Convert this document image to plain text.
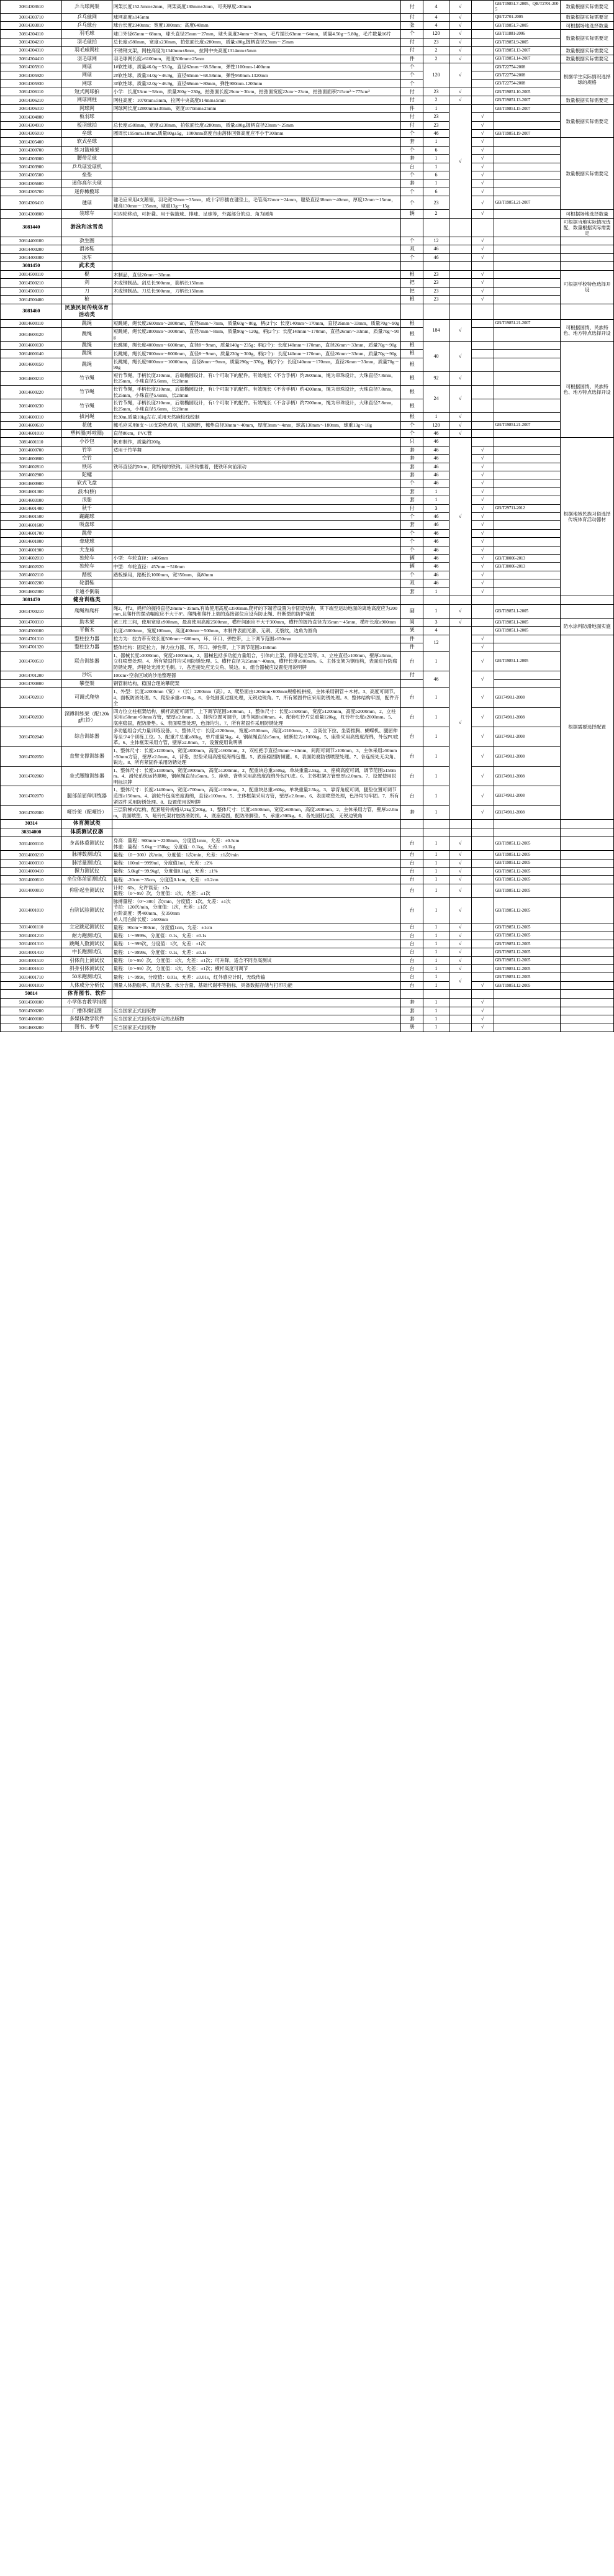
30814303610	乒乓球网架	网架长度152.5mm±2mm，网架高度130mm±2mm，可夹厚度≥30mm	付	4	√		GB/T19851.7-2005、QB/T2701-2005	数量根据实际需要定
30814303710	乒乓球网	球网高度≥145mm	付	4	√		QB/T2701-2005	数量根据实际需要定
30814303810	乒乓球台	球台长度2340mm；宽度1300mm；高度640mm	张	4	√		GB/T19851.7-2005	可根据场地选择数量
30814304110	羽毛球	球口外径65mm～68mm，球头直径25mm～27mm，球头高度24mm～26mm，毛片插长63mm～64mm，质量4.50g～5.80g，毛片数量16片	个	120	√		GB/T11881-2006	数量根据实际需要定
30814304210	羽毛球拍	总长度≤580mm，宽度≤230mm，拍弦面长度≤280mm，质量≤80g,握柄直径23mm～25mm	付	23	√		GB/T19851.9-2005	
30814304310	羽毛球网柱	不锈钢支架，网柱高度为1340mm±8mm，拉网中央高度1314mm±5mm	付	2	√		GB/T19851.13-2007	数量根据实际需要定
30814304410	羽毛球网	羽毛球网长度≥6100mm，宽度500mm±25mm	件	2	√		GB/T19851.14-2007	数量根据实际需要定
30814305910	网球	1#软性球，质量46.0g～53.0g，直径62mm～68.58mm，弹性1100mm-1400mm	个	120	√		GB/T22754-2008	根据学生实际情况选择球的规格
30814305920	网球	2#软性球，质量34.0g～46.9g，直径60mm～68.58mm，弹性950mm-1320mm	个				GB/T22754-2008	
30814305930	网球	3#软性球，质量32.0g～46.9g，直径68mm～80mm，弹性900mm-1200mm	个				GB/T22754-2008	
30814306110	短式网球拍	小学：长度53cm～58cm，质量200g～230g，拍弦面长度29cm～30cm，拍弦面宽度22cm～23cm，拍弦面面积715cm²～775cm²	付	23	√		GB/T19851.10-2005	
30814306210	网球网柱	网柱高度：1070mm±5mm，拉网中央高度914mm±5mm	付	2	√		GB/T19851.13-2007	数量根据实际需要定
30814306310	网球网	网球网长度12800mm±30mm，宽度1070mm±25mm	件	1	√		GB/T19851.15-2007	数量根据实际需要定
30814304800	板羽球		付	23		√		
30814304910	板羽球拍	总长度≤580mm，宽度≤230mm，拍弦面长度≤280mm，质量≤80g,握柄直径23mm～25mm	付	23		√		
30814305010	垒球	圆周长195mm±10mm,质量80g±5g，1000mm高度自由落体回弹高度应不小于300mm	个	46		√	GB/T19851.19-2007	
30814305400	软式垒球		套	1		√		数量根据实际需要定
30814300700	练习篮球架		个	6		√		
30814303000	腰带足球		套	1		√		
30814303900	乒乓球发球机		台	1		√		
30814305500	垒垫		个	6		√		
30814305600	迷你高尔夫球		套	1		√		
30814305700	迷你橄榄球		个	6		√		
30814306410	毽球	毽毛应采用4支鹅翎，羽毛宽32mm～35mm，成十字形插在毽垫上，毛管高22mm～24mm，毽垫直径38mm～40mm，厚度12mm～15mm，球高130mm～135mm，球重13g～15g	个	23		√	GB/T19851.21-2007	
30814300800	装球车	可四轮移动，可折叠。用于装篮球、排球、足球等，外露部分的边、角为圆角	辆	2		√		可根据场地选择数量
3081440	游泳和冰雪类							可根据当地实际情况选配，数量根据实际需要定
30814400100	救生圈		个	12		√		
30814400200	滑冰鞋		双	46		√		
30814400300	冰车		个	46		√		
3081450	武术类							
30814500110	棍	木制品，直径20mm～30mm	根	23		√		可根据学校特色选择开设
30814500210	剑	木或钢制品。剑总长900mm，箭柄长150mm	把	23		√		
30814500310	刀	木或钢制品。刀总长900mm，刀柄长150mm	把	23		√		
30814500400	枪		根	23		√		
3081460	民族民间传统体育活动类							
30814600110	跳绳	短跳绳，绳长度2600mm～2800mm，直径6mm～7mm，质量60g～80g，柄(2个)：长度140mm～170mm，直径26mm～33mm，质量70g～90g	根	184	√		GB/T19851.21-2007	可根据国情、民族特色、地方特点选择开设
30814600120	跳绳	短跳绳，绳长度2800mm～3000mm，直径7mm～8mm，质量90g～120g，柄(2个)：长度140mm～170mm，直径26mm～33mm，质量70g～90g	根					
30814600130	跳绳	长跳绳，绳长度4000mm～6000mm，直径8～9mm，质量140g～235g；柄(2个)：长度140mm～170mm，直径26mm～33mm，质量70g～90g	根	40	√			可根据国情、民族特色、地方特点选择开设
30814600140	跳绳	长跳绳，绳长度7000mm～8000mm，直径8～9mm，质量230g～300g，柄(2个)：长度140mm～170mm，直径26mm～33mm，质量70g～90g	根					
30814600150	跳绳	长跳绳，绳长度9000mm～10000mm，直径8mm～9mm，质量290g～370g，柄(2个)：长度140mm～170mm，直径26mm～33mm，质量70g～90g	根					
30814600210	竹节绳	短竹节绳，手柄长度210mm，后端椭圆设计，有1个可取下的配件。有效绳长（不含手柄）约2600mm，绳为串珠设计，大珠直径7.8mm，长25mm，小珠直径5.6mm，长20mm	根	92	√			
30814600220	竹节绳	长竹节绳，手柄长度210mm，后端椭圆设计，有1个可取下的配件。有效绳长（不含手柄）约4200mm，绳为串珠设计，大珠直径7.8mm，长25mm，小珠直径5.6mm，长20mm	根	24	√			
30814600230	竹节绳	长竹节绳，手柄长度210mm，后端椭圆设计，有1个可取下的配件。有效绳长（不含手柄）约7200mm，绳为串珠设计，大珠直径7.8mm，长25mm，小珠直径5.6mm，长20mm	根					
30814600310	拔河绳	长30m,质量10kg左右,采用天然麻棕线绞制	根	1	√			
30814600610	花毽	毽毛应采用8支～10支彩色鸡羽，扎成圆形，毽垫直径38mm～40mm，厚度3mm～4mm，球高130mm～180mm，球重13g～18g	个	120	√		GB/T19851.21-2007	
30814601010	塑料圈(呼啦圈)	直径80cm，PVC管	个	46	√			
30814601110	小沙包	帆布制作，质量约200g	只	46	√			根据地域民族习俗选择传统体育活动器材
30814600700	竹竿	适用于竹竿舞	套	46		√		
30814600800	空竹		套	46		√		
30814602810	铁环	铁环直径约50cm，附特制的铁钩。用铁钩推着，使铁环向前滚动	套	46		√		
30814602900	陀螺		套	46		√		
30814600900	软式飞盘		个	46		√		
30814601300	浪木(桥)		套	1		√		
30814603100	浪船		套	1		√		
30814601400	秋千		付	3		√	GB/T29711-2012	
30814601500	蹦蹦球		个	46		√		
30814601600	吸盘球		套	46		√		
30814601700	跳带		个	46		√		
30814601800	牵珑球		个	46		√		
30814601900	大龙球		个	46		√		
30814602010	独轮车	小型：车轮直径：≤406mm	辆	46		√	GB/T30006-2013	
30814602020	独轮车	中型：车轮直径：457mm～510mm	辆	46		√	GB/T30006-2013	
30814602110	踏板	踏板操用，踏板长1000mm，宽350mm，高80mm	个	46		√		
30814602200	轮滑鞋		双	46		√		
30814602300	卡通不倒翁		套	1		√		
3081470	健身训练类							
30814700210	爬绳和爬杆	绳2，杆2，绳杆的握持直径28mm～35mm,有效使用高度≤3500mm,爬杆的下端若设置为非固定结构，其下端至运动地面的离地高度应为200mm,且爬杆的摆动幅度应不大于8°。爬绳和爬杆上端的连接部位应设有防止绳、杆断裂的防护装置	副	1	√		GB/T19851.1-2005	
30814700310	助木架	宽三柱三间，使用宽度≥900mm，最高使用高度2500mm，横杆间距应不大于300mm，横杆的握持直径为35mm～45mm，横杆长度≥900mm	间	3	√		GB/T19851.1-2005	防水涂料防滑地面实施
30814500100	平衡木	长度≥3000mm，宽度100mm，高度400mm～500mm，木制件表面光滑、无刺、无裂纹，边角为圆角	架	4	√		GB/T19851.1-2005	
30814701310	整柱拉力器	拉力为：拉力带有效长度500mm～600mm，环、环口、弹性带，上下调节范围≥150mm	件	12		√		根据需要选择配置
30814701320	整柱拉力器	整体结构：固定拉力，弹力拉力器、环、环口、弹性带，上下调节范围≥150mm	件			√		
30814700510	联合训练器	1、器械长度≥3000mm，宽度≥1000mm。2、器械包括多功能力量组合，引体向上架、仰卧起坐架等。3、立柱直径≥100mm，壁厚≥3mm，立柱喷塑处理。4、所有紧固件均采用防锈处理。5、横杆直径为25mm～40mm，横杆长度≥900mm。6、主体支架为钢结构，表面进行防腐防锈处理，焊接处光滑无毛刺。7、各连接处应无尖角、锐边。8、组合器械应设置使用说明牌	台	1		√	GB/T19851.1-2005	
30814701200	沙坑	100cm×空余区域的沙池整理器	付	46		√		
30814700800	攀登架	钢管制结构，稳固合理的攀爬架						
30814702010	可调式爬垫	1、外型：长度≥2000mm（宽）×（长）2200mm（高）。2、爬垫面由1200mm×600mm规格板拼接，主体采用钢管＋木材。3、高度可调节。4、面板防滑处理。5、爬垫承重≥120kg。6、各处圆弧过渡处理，无锐边锐角。7、所有紧固件应采用防锈处理。8、整体结构牢固，配件齐全	台	1		√	GB17498.1-2008	
30814702030	深蹲训练架（配120kg杠铃）	四方位立柱框架结构，横杆高度可调节，上下调节范围≥400mm。1、整体尺寸：长度≥1500mm，宽度≥1200mm，高度≥2000mm。2、立柱采用≥50mm×50mm方管，壁厚≥2.0mm。3、挂钩位置可调节，调节间距≤80mm。4、配套杠铃片总重量120kg，杠铃杆长度≥2000mm。5、底座稳固，配防滑垫。6、表面喷塑处理，色泽均匀。7、所有紧固件采用防锈处理	台	1		√	GB17498.1-2008	
30814702040	综合训练器	多功能组合式力量训练设备。1、整体尺寸：长度≥2200mm，宽度≥1500mm，高度≥2100mm。2、含高位下拉、坐姿推胸、蝴蝶机、腿屈伸等至少4个训练工位。3、配重片总重≥80kg，单片重量5kg。4、钢丝绳直径≥5mm，破断拉力≥1000kg。5、座垫采用高密度海绵，外包PU皮革。6、主体框架采用方管，壁厚≥2.0mm。7、设置使用说明牌	台	1		√	GB17498.1-2008	
30814702050	直臂支撑训练器	1、整体尺寸：长度≥1200mm，宽度≥800mm，高度≥1600mm。2、双杠把手直径35mm～40mm，间距可调节≥100mm。3、主体采用≥50mm×50mm方管，壁厚≥2.0mm。4、背垫、肘垫采用高密度海绵包覆。5、底座稳固防倾覆。6、表面防腐防锈喷塑处理。7、各连接处无尖角、锐边。8、所有紧固件采用防锈处理	台	1		√	GB17498.1-2008	
30814702060	坐式腰腹训练器	1、整体尺寸：长度≥1300mm，宽度≥900mm，高度≥1200mm。2、配重块总重≥50kg，单块重量2.5kg。3、座椅高度可调，调节范围≥150mm。4、滑轮系统运转顺畅，钢丝绳直径≥5mm。5、座垫、背垫采用高密度海绵外包PU皮。6、主体框架方管壁厚≥2.0mm。7、设置使用说明标识牌	台	1		√	GB17498.1-2008	
30814702070	腿部前屈伸训练器	1、整体尺寸：长度≥1400mm，宽度≥700mm，高度≥1100mm。2、配重块总重≥60kg，单块重量2.5kg。3、靠背角度可调，腿垫位置可调节范围≥150mm。4、滚轮外包高密度海绵，直径≥100mm。5、主体框架采用方管，壁厚≥2.0mm。6、表面喷塑处理，色泽均匀牢固。7、所有紧固件采用防锈处理。8、设置使用说明牌	台	1		√	GB17498.1-2008	
30814702080	哑铃架（配哑铃）	三层阶梯式结构，配套哑铃规格从2kg至20kg。1、整体尺寸：长度≥1500mm，宽度≥600mm，高度≥800mm。2、主体采用方管，壁厚≥2.0mm，表面喷塑。3、哑铃托架衬胶防滑防损。4、底座稳固，配防滑脚垫。5、承重≥300kg。6、各处圆弧过渡，无锐边锐角	套	1		√	GB17498.1-2008	
30314	体育测试类							
30314000	体质测试仪器							
30314000110	身高体重测试仪	身高：量程：900mm～2200mm，分度值1mm，允差：±0.5cm
体重：量程：5.0kg～150kg；分度值：0.1kg，允差：±0.1kg	台	1	√		GB/T19851.12-2005	
30314000210	脉搏数测试仪	量程：（0～300）次/min，分度值：1次/min，允差：±1次/min	台	1	√		GB/T19851.12-2005	
30314000310	肺活量测试仪	量程：100ml～9999ml，分度值1ml，允差：±2%	台	1	√		GB/T19851.12-2005	
30314000410	握力测试仪	量程：5.0kgf～99.9kgf，分度值0.1kgf，允差：±1%	台	1	√		GB/T19851.12-2005	
30314000610	坐位体前屈测试仪	量程：-20cm～35cm，分度值0.1cm，允差：±0.2cm	台	1	√		GB/T19851.12-2005	
30314000810	仰卧起坐测试仪	计时：60s，允许误差：±3s
量程：（0～99）次，分度值：1次，允差：±1次	台	1	√		GB/T19851.12-2005	
30314001010	台阶试验测试仪	脉搏量程：（0～300）次/min，分度值：1次，允差：±1次
节拍：120次/min，分度值：1次，允差：±1次
台阶高度：男400mm、女350mm
单人用台阶长度：≥500mm	台	1	√		GB/T19851.12-2005	
30314001110	立定跳远测试仪	量程：90cm～300cm，分度值1cm，允差：±1cm	台	1	√		GB/T19851.12-2005	
30314001210	耐力跑测试仪	量程：1～9999s，分度值：0.1s，允差：±0.1s	台	1	√		GB/T19851.12-2005	
30314001310	跳绳人数测试仪	量程：1～999次，分度值：1次，允差：±1次	台	1	√		GB/T19851.12-2005	
30314001410	中长跑测试仪	量程：1～9999s，分度值：0.1s，允差：±0.1s	台	1	√		GB/T19851.12-2005	
30314001510	引体向上测试仪	量程：（0～99）次，分度值：1次，允差：±1次；可升降，适合不同身高测试	台	1	√		GB/T19851.12-2005	
30314001610	斜身引体测试仪	量程：（0～99）次，分度值：1次，允差：±1次；横杆高度可调节	台	1	√		GB/T19851.12-2005	
30314001710	50米跑测试仪	量程：1～999s，分度值：0.01s，允差：±0.01s，红外感应计时，无线传输	台	1	√		GB/T19851.12-2005	
30314001810	人体成分分析仪	测量人体脂肪率、肌肉含量、水分含量、基础代谢率等指标，具备数据存储与打印功能	台	1		√	GB/T19851.12-2005	
50814	体育图书、软件							
50814500100	小学体育教学挂图		套	1		√		
50814500200	广播体操挂图	应当国家正式出版物	套	1		√		
50814600100	多媒体教学软件	应当国家正式出版或审定的出版物	套	1		√		
50814600200	图书、参考	应当国家正式出版物	册	1		√		
